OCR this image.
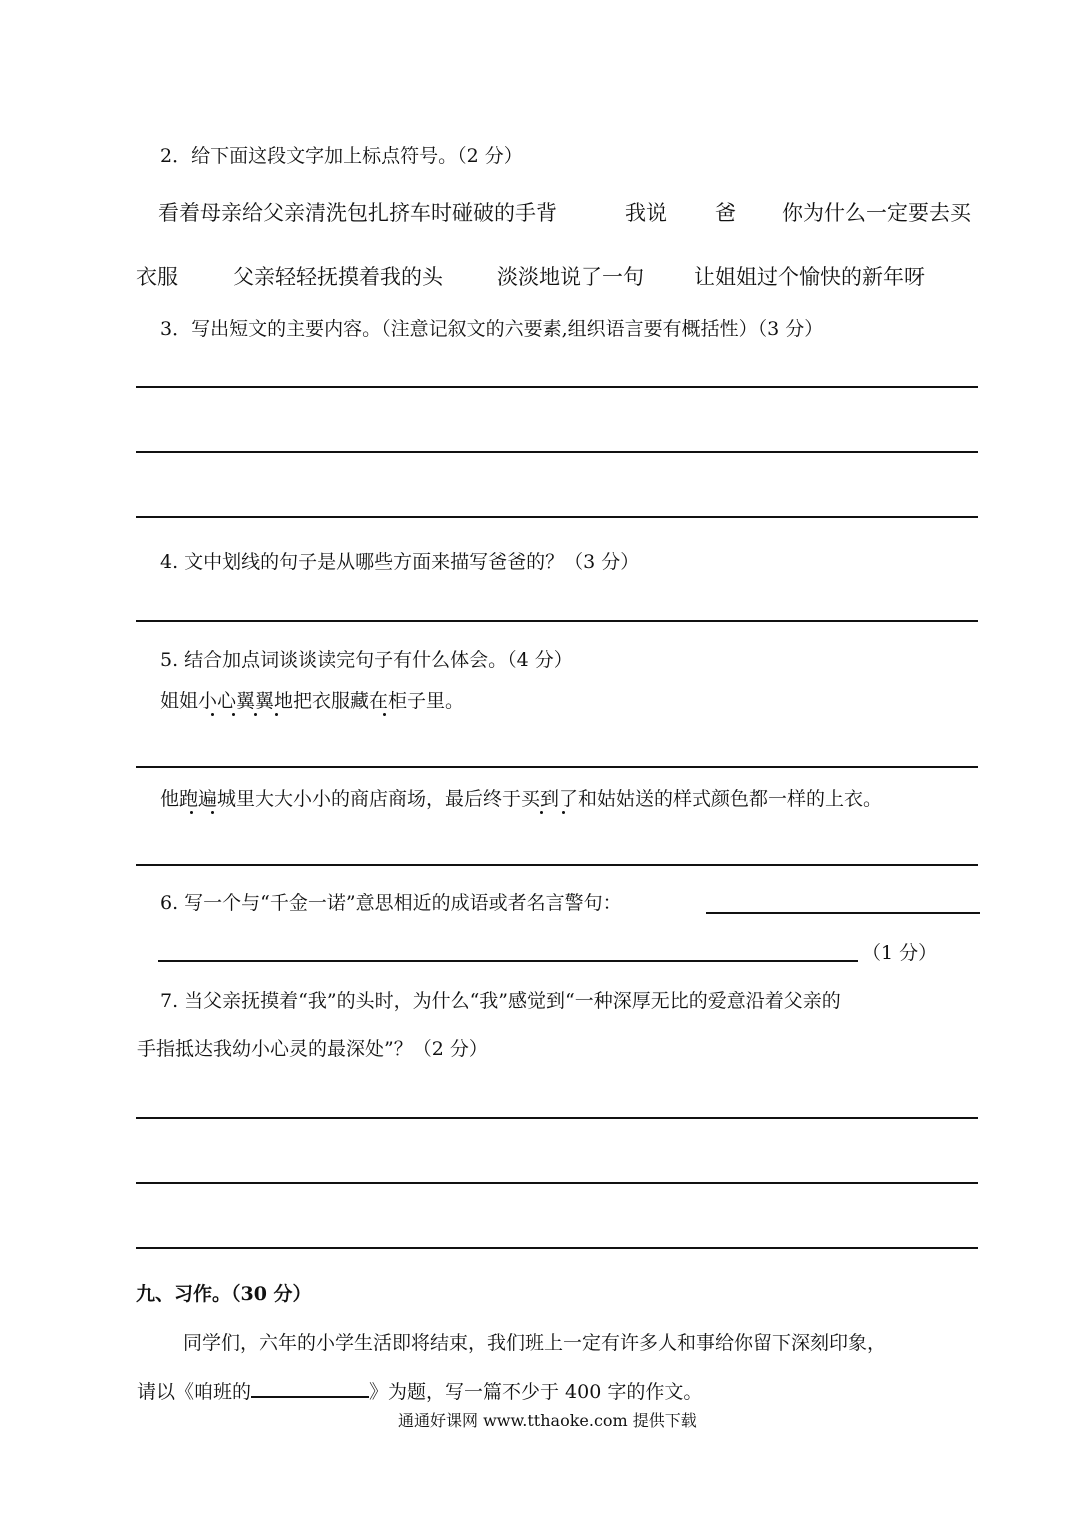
2．给下面这段文字加上标点符号。（2 分）
看着母亲给父亲清洗包扎挤车时碰破的手背	我说 爸 你为什么一定要去买
衣服	父亲轻轻抚摸着我的头	淡淡地说了一句 让姐姐过个愉快的新年呀
3．写出短文的主要内容。（注意记叙文的六要素,组织语言要有概括性）（3 分）
4. 文中划线的句子是从哪些方面来描写爸爸的？（3 分）
5. 结合加点词谈谈读完句子有什么体会。（4 分）
姐姐小心翼翼地把衣服藏在柜子里。
他跑遍城里大大小小的商店商场，最后终于买到了和姑姑送的样式颜色都一样的上衣。
6. 写一个与“千金一诺”意思相近的成语或者名言警句：
（1 分）
7. 当父亲抚摸着“我”的头时，为什么“我”感觉到“一种深厚无比的爱意沿着父亲的
手指抵达我幼小心灵的最深处”？（2 分）
九、习作。（30 分）
同学们，六年的小学生活即将结束，我们班上一定有许多人和事给你留下深刻印象，
请以《咱班的	》为题，写一篇不少于 400 字的作文。
通通好课网 www.tthaoke.com 提供下载
